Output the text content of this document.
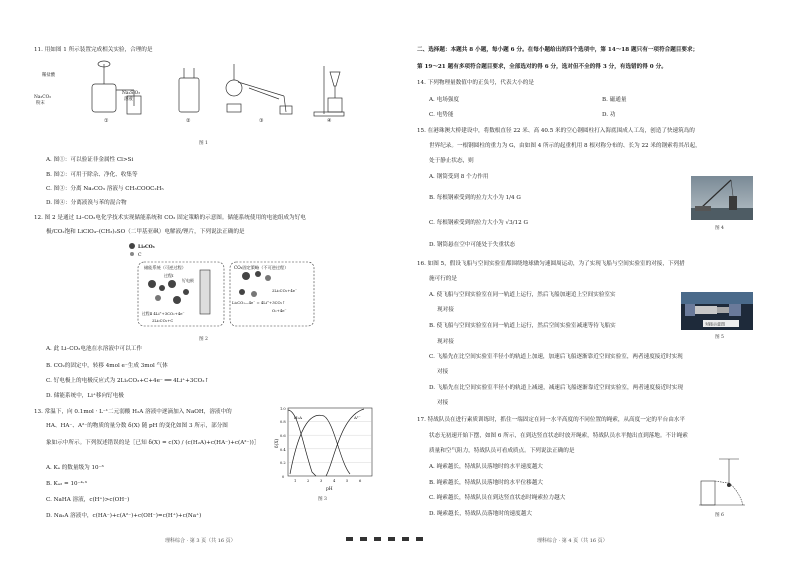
11. 用如图 1 所示装置完成相关实验，合理的是
稀盐酸
Na₂CO₃
粉末
Na₂SiO₃
溶液
①	②	③	④
图 1
A. 图①：可以验证非金属性 Cl>Si
B. 图②：可用于除杂、净化、收集等
C. 图③：分离 Na₂CO₃ 溶液与 CH₃COOC₂H₅
D. 图④：分离液溴与苯的混合物
12. 图 2 是通过 Li–CO₂电化学技术实现储能系统和 CO₂ 固定策略的示意图。储能系统使用的电池组成为钌电
极/CO₂饱和 LiClO₄–(CH₃)₂SO（二甲基亚砜）电解液/锂片，下列说法正确的是
Li₂CO₃
C
储能系统（可逆过程）
过程Ⅰ
钌电极
CO₂固定策略（不可逆过程）
过程Ⅱ 4Li⁺+3CO₂+4e⁻
2Li₂CO₃+C
Li₂CO₃—4e⁻ = 4Li⁺+3CO₂↑
O₂+4e⁻
2Li₂CO₃+4e⁻
图 2
A. 此 Li–CO₂电池在水溶液中可以工作
B. CO₂的固定中，转移 4mol e⁻生成 3mol 气体
C. 钌电极上的电极反应式为 2Li₂CO₃+C+4e⁻ ══ 4Li⁺+3CO₂↑
D. 储能系统中，Li⁺移向钌电极
13. 常温下，向 0.1mol · L⁻¹二元弱酸 H₂A 溶液中逐滴加入 NaOH，溶液中的
HA、HA⁻、A²⁻的物质的量分数 δ(X) 随 pH 的变化如图 3 所示，部分图
象如示中所示。下列叙述错误的是［已知 δ(X) = c(X) / (c(H₂A)+c(HA⁻)+c(A²⁻))］
A. Kₐ 的数量级为 10⁻³
B. Kₐ₂ = 10⁻⁴·³
C. NaHA 溶液，c(H⁺)>c(OH⁻)
D. Na₂A 溶液中，c(HA⁻)+c(A²⁻)+c(OH⁻)=c(H⁺)+c(Na⁺)
H₂A	A²⁻
δ(X)
pH
0
0.2
0.4
0.6
0.8
1.0
1	2	3	4	5	6
图 3
理科综合 · 第 3 页（共 16 页）
二、选择题：本题共 8 小题，每小题 6 分。在每小题给出的四个选项中，第 14～18 题只有一项符合题目要求；
第 19～21 题有多项符合题目要求，全部选对的得 6 分，选对但不全的得 3 分，有选错的得 0 分。
14. 下列物理量数值中的正负号，代表大小的是
A. 电场强度	B. 磁通量
C. 电势能	D. 功
15. 在港珠澳大桥建设中，将数根直径 22 米、高 40.5 米的空心钢圆柱打入海底围成人工岛，创造了快速筑岛的
世界纪录。一根钢圆柱的重力为 G，由如图 4 所示的起重机用 8 根对称分布的、长为 22 米的钢索将其吊起，
处于静止状态，则
A. 钢筒受到 8 个力作用
B. 每根钢索受到的拉力大小为 1/4 G
C. 每根钢索受到的拉力大小为 √3/12 G
D. 钢筒悬在空中可能处于失重状态
图 4
16. 如图 5，假设飞船与空间实验室都围绕地球做匀速圆周运动，为了实现飞船与空间实验室的对接，下列措
施可行的是
A. 使飞船与空间实验室在同一轨道上运行，然后飞船加速追上空间实验室实
现对接
B. 使飞船与空间实验室在同一轨道上运行，然后空间实验室减速等待飞船实
现对接
C. 飞船先在比空间实验室半径小的轨道上加速，加速后飞船逐渐靠近空间实验室，两者速度接近时实现
对接
D. 飞船先在比空间实验室半径小的轨道上减速，减速后飞船逐渐靠近空间实验室，两者速度接近时实现
对接
对接示意图
图 5
17. 特战队员在进行素质训练时，抓住一端固定在同一水平高度的不同位置的绳索，从高度一定的平台由水平
状态无初速开始下摆，如图 6 所示，在到达竖直状态时放开绳索，特战队员水平抛出直到落地。不计绳索
质量和空气阻力，特战队员可看成质点。下列说法正确的是
A. 绳索越长，特战队员落地时的水平速度越大
B. 绳索越长，特战队员落地时的水平位移越大
C. 绳索越长，特战队员在到达竖直状态时绳索拉力越大
D. 绳索越长，特战队员落地时的速度越大	图 6
理科综合 · 第 4 页（共 16 页）
